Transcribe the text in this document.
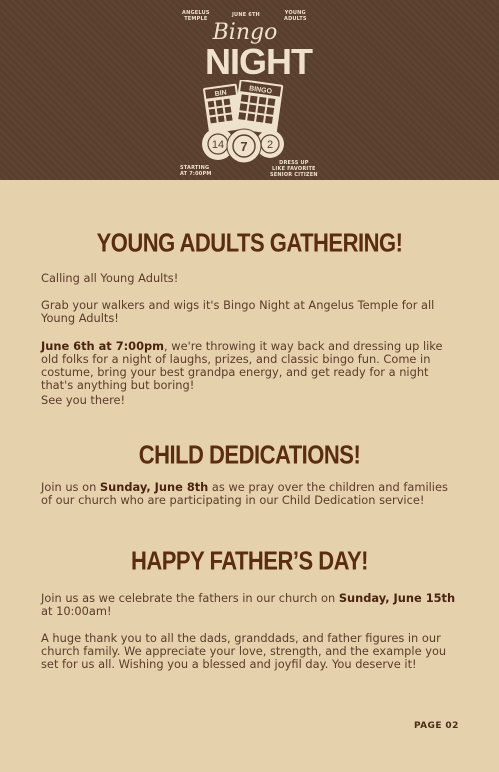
ANGELUS
TEMPLE
JUNE 6TH	YOUNG
ADULTS
Bingo
NIGHT
BIN	BINGO
14	2
7
STARTING
AT 7:00PM
DRESS UP
LIKE FAVORITE
SENIOR CITIZEN
YOUNG ADULTS GATHERING!
Calling all Young Adults!
Grab your walkers and wigs it's Bingo Night at Angelus Temple for all Young Adults!
June 6th at 7:00pm, we're throwing it way back and dressing up like old folks for a night of laughs, prizes, and classic bingo fun. Come in costume, bring your best grandpa energy, and get ready for a night that's anything but boring!
See you there!
CHILD DEDICATIONS!
Join us on Sunday, June 8th as we pray over the children and families of our church who are participating in our Child Dedication service!
HAPPY FATHER’S DAY!
Join us as we celebrate the fathers in our church on Sunday, June 15th at 10:00am!
A huge thank you to all the dads, granddads, and father figures in our church family. We appreciate your love, strength, and the example you set for us all. Wishing you a blessed and joyfil day. You deserve it!
PAGE 02
